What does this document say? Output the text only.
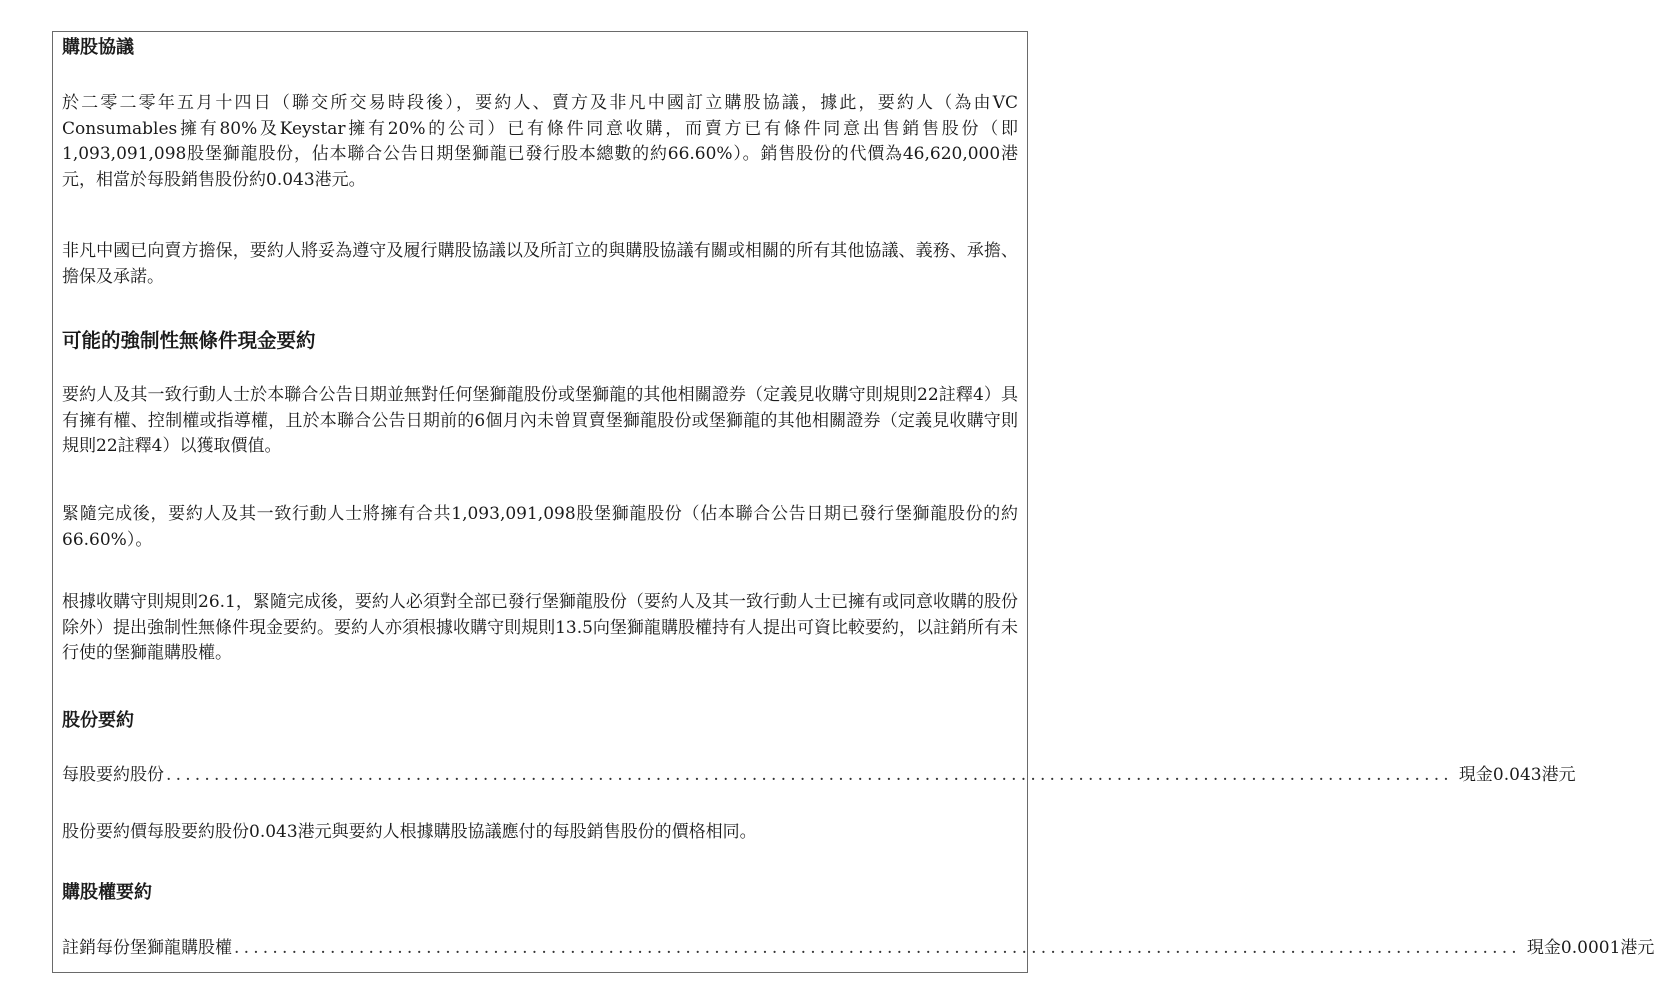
購股協議
於二零二零年五月十四日（聯交所交易時段後），要約人、賣方及非凡中國訂立購股協議，據此，要約人（為由VC Consumables擁有80%及Keystar擁有20%的公司）已有條件同意收購，而賣方已有條件同意出售銷售股份（即1,093,091,098股堡獅龍股份，佔本聯合公告日期堡獅龍已發行股本總數的約66.60%）。銷售股份的代價為46,620,000港元，相當於每股銷售股份約0.043港元。
非凡中國已向賣方擔保，要約人將妥為遵守及履行購股協議以及所訂立的與購股協議有關或相關的所有其他協議、義務、承擔、擔保及承諾。
可能的強制性無條件現金要約
要約人及其一致行動人士於本聯合公告日期並無對任何堡獅龍股份或堡獅龍的其他相關證券（定義見收購守則規則22註釋4）具有擁有權、控制權或指導權，且於本聯合公告日期前的6個月內未曾買賣堡獅龍股份或堡獅龍的其他相關證券（定義見收購守則規則22註釋4）以獲取價值。
緊隨完成後，要約人及其一致行動人士將擁有合共1,093,091,098股堡獅龍股份（佔本聯合公告日期已發行堡獅龍股份的約66.60%）。
根據收購守則規則26.1，緊隨完成後，要約人必須對全部已發行堡獅龍股份（要約人及其一致行動人士已擁有或同意收購的股份除外）提出強制性無條件現金要約。要約人亦須根據收購守則規則13.5向堡獅龍購股權持有人提出可資比較要約，以註銷所有未行使的堡獅龍購股權。
股份要約
每股要約股份 ...................................................................................................................................... 現金0.043港元
股份要約價每股要約股份0.043港元與要約人根據購股協議應付的每股銷售股份的價格相同。
購股權要約
註銷每份堡獅龍購股權 ...................................................................................................................................... 現金0.0001港元
